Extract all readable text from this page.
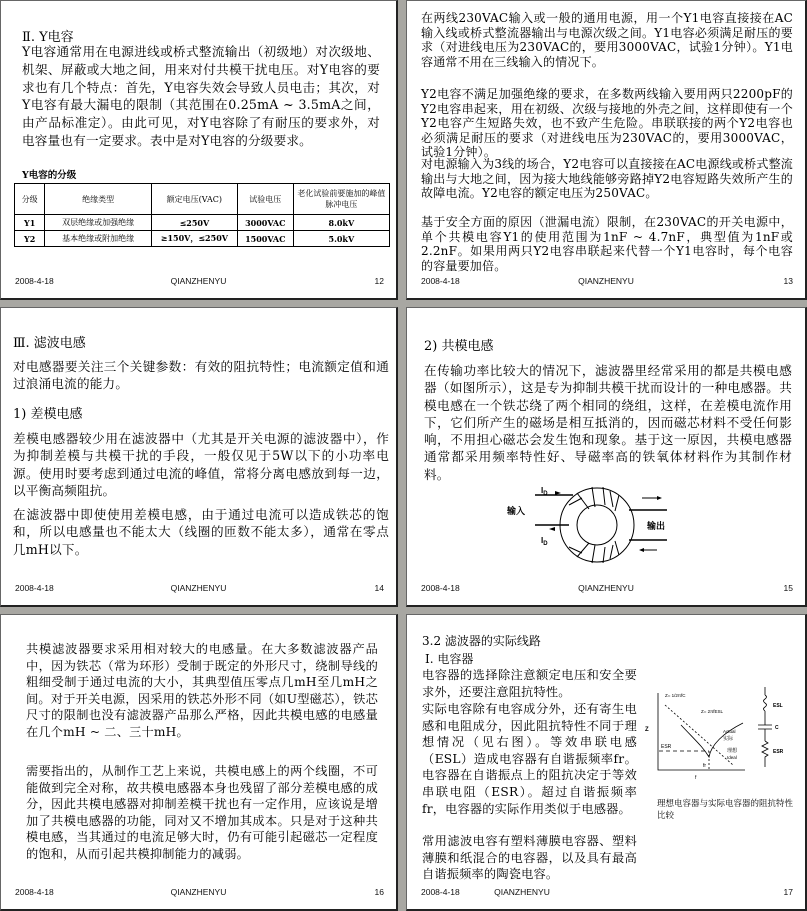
Ⅱ. Y电容
Y电容通常用在电源进线或桥式整流输出（初级地）对次级地、机架、屏蔽或大地之间，用来对付共模干扰电压。对Y电容的要求也有几个特点：首先，Y电容失效会导致人员电击；其次，对Y电容有最大漏电的限制（其范围在0.25mA ~ 3.5mA之间，由产品标准定）。由此可见，对Y电容除了有耐压的要求外，对电容量也有一定要求。表中是对Y电容的分级要求。
Y电容的分级
分级	绝缘类型	额定电压(VAC)	试验电压	老化试验前要施加的峰值脉冲电压
Y1	双层绝缘或加强绝缘	≤250V	3000VAC	8.0kV
Y2	基本绝缘或附加绝缘	≥150V，≤250V	1500VAC	5.0kV
2008-4-18	QIANZHENYU	12
在两线230VAC输入或一般的通用电源，用一个Y1电容直接接在AC输入线或桥式整流器输出与电源次级之间。Y1电容必须满足耐压的要求（对进线电压为230VAC的，要用3000VAC，试验1分钟）。Y1电容通常不用在三线输入的情况下。
Y2电容不满足加强绝缘的要求，在多数两线输入要用两只2200pF的Y2电容串起来，用在初级、次级与接地的外壳之间，这样即使有一个Y2电容产生短路失效，也不致产生危险。串联联接的两个Y2电容也必须满足耐压的要求（对进线电压为230VAC的，要用3000VAC，试验1分钟）。
对电源输入为3线的场合，Y2电容可以直接接在AC电源线或桥式整流输出与大地之间，因为接大地线能够旁路掉Y2电容短路失效所产生的故障电流。Y2电容的额定电压为250VAC。
基于安全方面的原因（泄漏电流）限制，在230VAC的开关电源中，单个共模电容Y1的使用范围为1nF ~ 4.7nF，典型值为1nF或2.2nF。如果用两只Y2电容串联起来代替一个Y1电容时，每个电容的容量要加倍。
2008-4-18	QIANZHENYU	13
Ⅲ. 滤波电感
对电感器要关注三个关键参数：有效的阻抗特性；电流额定值和通过浪涌电流的能力。
1) 差模电感
差模电感器较少用在滤波器中（尤其是开关电源的滤波器中），作为抑制差模与共模干扰的手段，一般仅见于5W以下的小功率电源。使用时要考虑到通过电流的峰值，常将分离电感放到每一边，以平衡高频阻抗。
在滤波器中即使使用差模电感，由于通过电流可以造成铁芯的饱和，所以电感量也不能太大（线圈的匝数不能太多），通常在零点几mH以下。
2008-4-18	QIANZHENYU	14
2) 共模电感
在传输功率比较大的情况下，滤波器里经常采用的都是共模电感器（如图所示），这是专为抑制共模干扰而设计的一种电感器。共模电感在一个铁芯绕了两个相同的绕组，这样，在差模电流作用下，它们所产生的磁场是相互抵消的，因而磁芯材料不受任何影响，不用担心磁芯会发生饱和现象。基于这一原因，共模电感器通常都采用频率特性好、导磁率高的铁氧体材料作为其制作材料。
输入
输出
$I_D$
$I_D$
2008-4-18	QIANZHENYU	15
共模滤波器要求采用相对较大的电感量。在大多数滤波器产品中，因为铁芯（常为环形）受制于既定的外形尺寸，绕制导线的粗细受制于通过电流的大小，其典型值压零点几mH至几mH之间。对于开关电源，因采用的铁芯外形不同（如U型磁芯），铁芯尺寸的限制也没有滤波器产品那么严格，因此共模电感的电感量在几个mH ~ 二、三十mH。
需要指出的，从制作工艺上来说，共模电感上的两个线圈，不可能做到完全对称，故共模电感器本身也残留了部分差模电感的成分，因此共模电感器对抑制差模干扰也有一定作用，应该说是增加了共模电感器的功能，同对又不增加其成本。只是对于这种共模电感，当其通过的电流足够大时，仍有可能引起磁芯一定程度的饱和，从而引起共模抑制能力的减弱。
2008-4-18	QIANZHENYU	16
3.2 滤波器的实际线路
Ⅰ. 电容器
电容器的选择除注意额定电压和安全要求外，还要注意阻抗特性。
实际电容除有电容成分外，还有寄生电感和电阻成分，因此阻抗特性不同于理想情况（见右图）。等效串联电感（ESL）造成电容器有自谐振频率fr。电容器在自谐振点上的阻抗决定于等效串联电阻（ESR）。超过自谐振频率fr，电容器的实际作用类似于电感器。
常用滤波电容有塑料薄膜电容器、塑料薄膜和纸混合的电容器，以及具有最高自谐振频率的陶瓷电容。
Z
f
fr
ESR
Z= 1/2πfC
Z= 2πfESL
Actual
实际
理想
Ideal
ESL
C
ESR
理想电容器与实际电容器的阻抗特性比较
2008-4-18	QIANZHENYU	17
